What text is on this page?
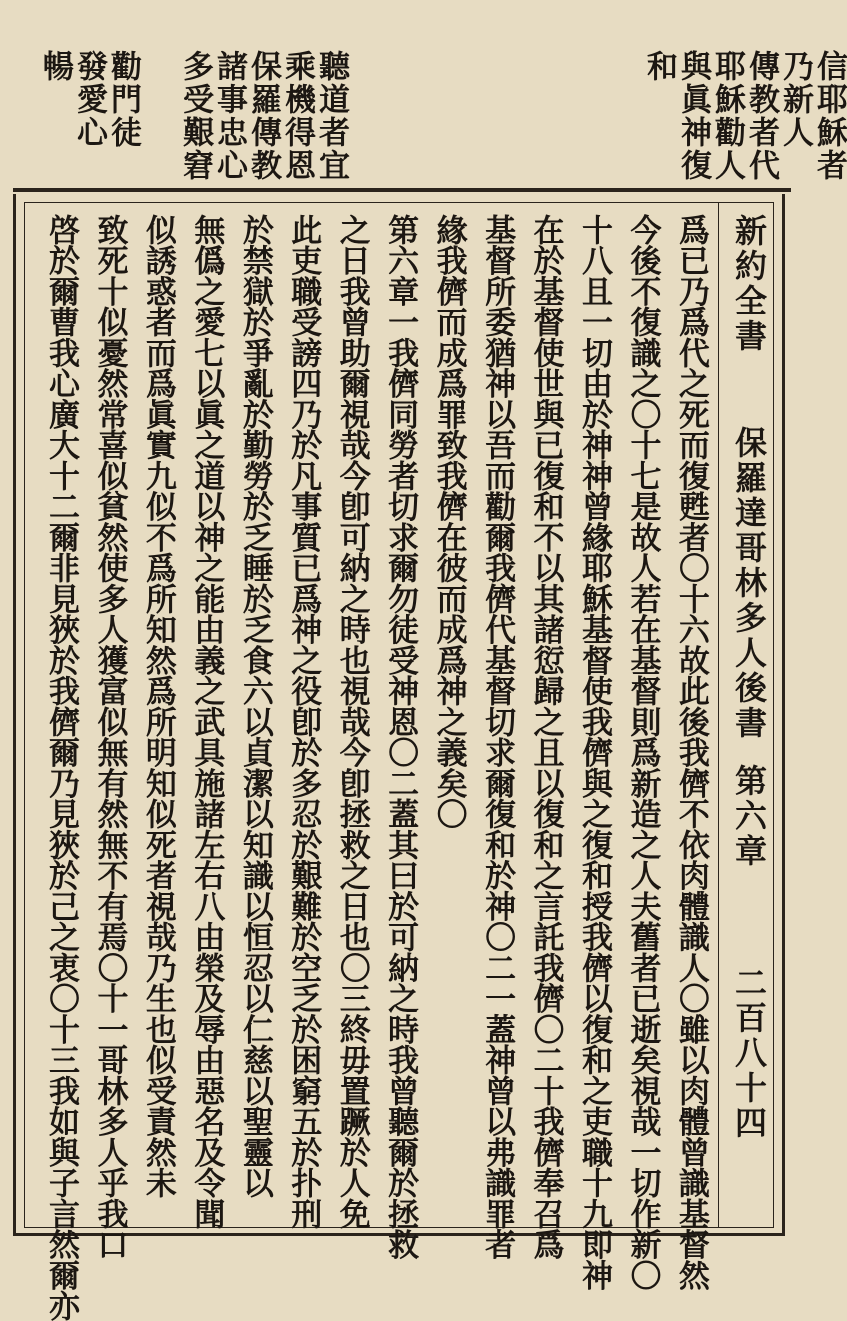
信耶穌者
乃新人
傳教者代
耶穌勸人
與眞神復
和
聽道者宜
乘機得恩
保羅傳教
諸事忠心
多受艱窘
勸門徒
發愛心
暢
新約全書
保羅達哥林多人後書
第六章
二百八十四
爲已乃爲代之死而復甦者〇十六故此後我儕不依肉體識人〇雖以肉體曾識基督然
今後不復識之〇十七是故人若在基督則爲新造之人夫舊者已逝矣視哉一切作新〇
十八且一切由於神神曾緣耶穌基督使我儕與之復和授我儕以復和之吏職十九即神
在於基督使世與已復和不以其諸愆歸之且以復和之言託我儕〇二十我儕奉召爲
基督所委猶神以吾而勸爾我儕代基督切求爾復和於神〇二一蓋神曾以弗識罪者
緣我儕而成爲罪致我儕在彼而成爲神之義矣〇
第六章一我儕同勞者切求爾勿徒受神恩〇二蓋其曰於可納之時我曾聽爾於拯救
之日我曾助爾視哉今卽可納之時也視哉今卽拯救之日也〇三終毋置蹶於人免
此吏職受謗四乃於凡事質已爲神之役卽於多忍於艱難於空乏於困窮五於扑刑
於禁獄於爭亂於勤勞於乏睡於乏食六以貞潔以知識以恒忍以仁慈以聖靈以
無僞之愛七以眞之道以神之能由義之武具施諸左右八由榮及辱由惡名及令聞
似誘惑者而爲眞實九似不爲所知然爲所明知似死者視哉乃生也似受責然未
致死十似憂然常喜似貧然使多人獲富似無有然無不有焉〇十一哥林多人乎我口
啓於爾曹我心廣大十二爾非見狹於我儕爾乃見狹於己之衷〇十三我如與子言然爾亦
